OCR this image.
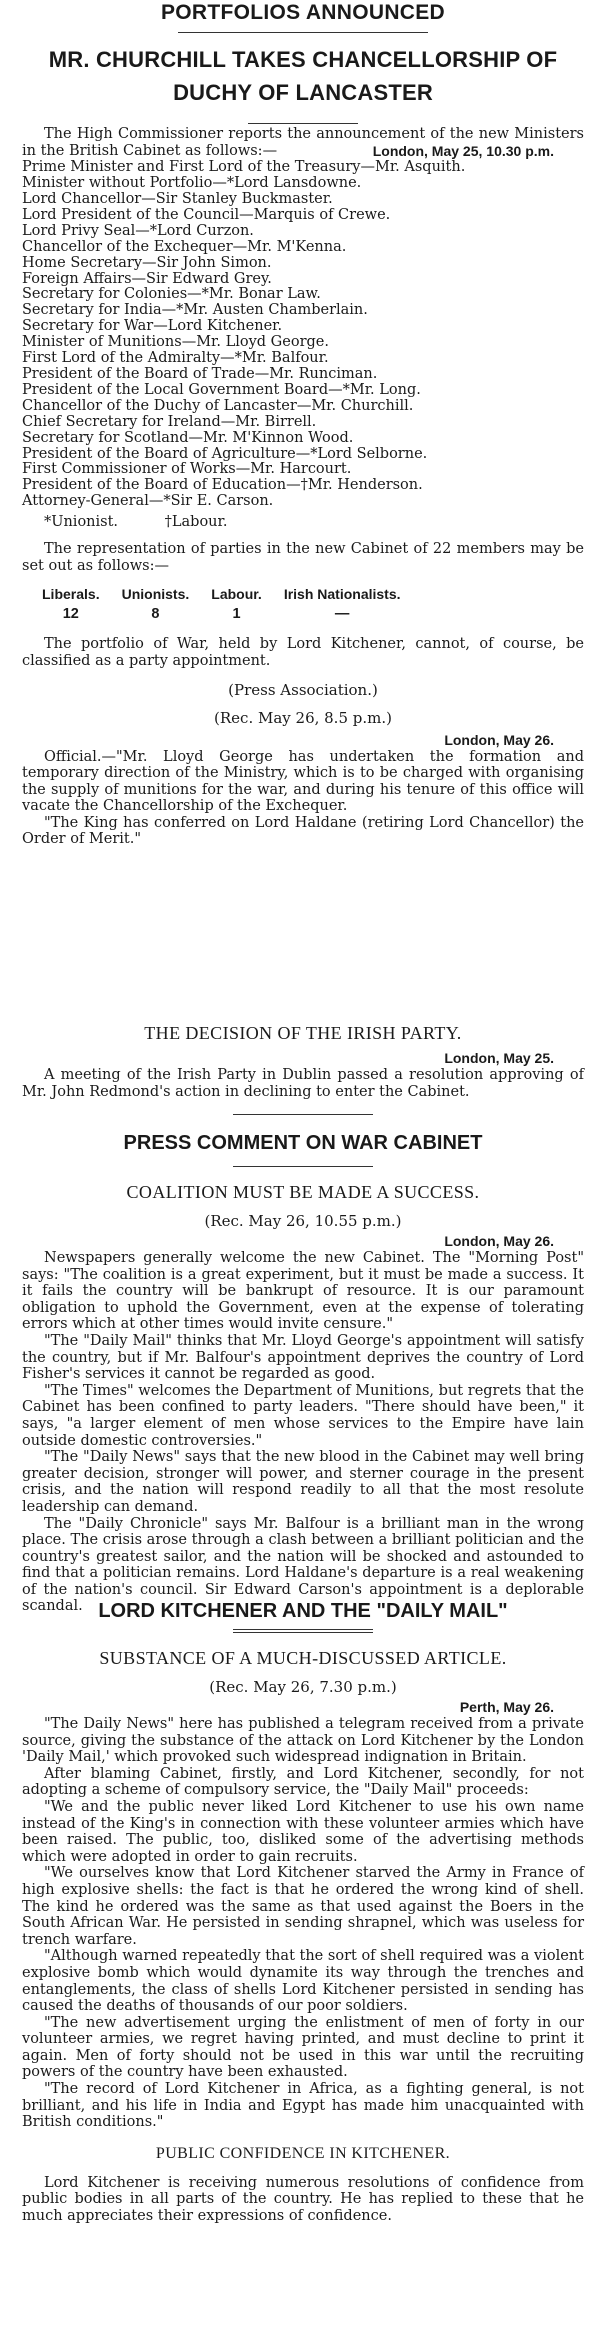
PORTFOLIOS ANNOUNCED
MR. CHURCHILL TAKES CHANCELLORSHIP OF DUCHY OF LANCASTER

The High Commissioner reports the announcement of the new Ministers in the British Cabinet as follows:—	London, May 25, 10.30 p.m.
Prime Minister and First Lord of the Treasury—Mr. Asquith.
Minister without Portfolio—*Lord Lansdowne.
Lord Chancellor—Sir Stanley Buckmaster.
Lord President of the Council—Marquis of Crewe.
Lord Privy Seal—*Lord Curzon.
Chancellor of the Exchequer—Mr. M'Kenna.
Home Secretary—Sir John Simon.
Foreign Affairs—Sir Edward Grey.
Secretary for Colonies—*Mr. Bonar Law.
Secretary for India—*Mr. Austen Chamberlain.
Secretary for War—Lord Kitchener.
Minister of Munitions—Mr. Lloyd George.
First Lord of the Admiralty—*Mr. Balfour.
President of the Board of Trade—Mr. Runciman.
President of the Local Government Board—*Mr. Long.
Chancellor of the Duchy of Lancaster—Mr. Churchill.
Chief Secretary for Ireland—Mr. Birrell.
Secretary for Scotland—Mr. M'Kinnon Wood.
President of the Board of Agriculture—*Lord Selborne.
First Commissioner of Works—Mr. Harcourt.
President of the Board of Education—†Mr. Henderson.
Attorney-General—*Sir E. Carson.
*Unionist.	†Labour.

The representation of parties in the new Cabinet of 22 members may be set out as follows:—

Liberals.	Unionists.	Labour.	Irish Nationalists.
12	8	1	—

The portfolio of War, held by Lord Kitchener, cannot, of course, be classified as a party appointment.

(Press Association.)
(Rec. May 26, 8.5 p.m.)
London, May 26.

Official.—"Mr. Lloyd George has undertaken the formation and temporary direction of the Ministry, which is to be charged with organising the supply of munitions for the war, and during his tenure of this office will vacate the Chancellorship of the Exchequer.

"The King has conferred on Lord Haldane (retiring Lord Chancellor) the Order of Merit."

THE DECISION OF THE IRISH PARTY.
London, May 25.

A meeting of the Irish Party in Dublin passed a resolution approving of Mr. John Redmond's action in declining to enter the Cabinet.

PRESS COMMENT ON WAR CABINET
COALITION MUST BE MADE A SUCCESS.
(Rec. May 26, 10.55 p.m.)
London, May 26.

Newspapers generally welcome the new Cabinet. The "Morning Post" says: "The coalition is a great experiment, but it must be made a success. It it fails the country will be bankrupt of resource. It is our paramount obligation to uphold the Government, even at the expense of tolerating errors which at other times would invite censure."

"The "Daily Mail" thinks that Mr. Lloyd George's appointment will satisfy the country, but if Mr. Balfour's appointment deprives the country of Lord Fisher's services it cannot be regarded as good.

"The Times" welcomes the Department of Munitions, but regrets that the Cabinet has been confined to party leaders. "There should have been," it says, "a larger element of men whose services to the Empire have lain outside domestic controversies."

"The "Daily News" says that the new blood in the Cabinet may well bring greater decision, stronger will power, and sterner courage in the present crisis, and the nation will respond readily to all that the most resolute leadership can demand.

The "Daily Chronicle" says Mr. Balfour is a brilliant man in the wrong place. The crisis arose through a clash between a brilliant politician and the country's greatest sailor, and the nation will be shocked and astounded to find that a politician remains. Lord Haldane's departure is a real weakening of the nation's council. Sir Edward Carson's appointment is a deplorable scandal. LORD KITCHENER AND THE "DAILY MAIL"
SUBSTANCE OF A MUCH-DISCUSSED ARTICLE.
(Rec. May 26, 7.30 p.m.)
Perth, May 26.

"The Daily News" here has published a telegram received from a private source, giving the substance of the attack on Lord Kitchener by the London 'Daily Mail,' which provoked such widespread indignation in Britain.

After blaming Cabinet, firstly, and Lord Kitchener, secondly, for not adopting a scheme of compulsory service, the "Daily Mail" proceeds:

"We and the public never liked Lord Kitchener to use his own name instead of the King's in connection with these volunteer armies which have been raised. The public, too, disliked some of the advertising methods which were adopted in order to gain recruits.

"We ourselves know that Lord Kitchener starved the Army in France of high explosive shells: the fact is that he ordered the wrong kind of shell. The kind he ordered was the same as that used against the Boers in the South African War. He persisted in sending shrapnel, which was useless for trench warfare.

"Although warned repeatedly that the sort of shell required was a violent explosive bomb which would dynamite its way through the trenches and entanglements, the class of shells Lord Kitchener persisted in sending has caused the deaths of thousands of our poor soldiers.

"The new advertisement urging the enlistment of men of forty in our volunteer armies, we regret having printed, and must decline to print it again. Men of forty should not be used in this war until the recruiting powers of the country have been exhausted.

"The record of Lord Kitchener in Africa, as a fighting general, is not brilliant, and his life in India and Egypt has made him unacquainted with British conditions."

PUBLIC CONFIDENCE IN KITCHENER.

Lord Kitchener is receiving numerous resolutions of confidence from public bodies in all parts of the country. He has replied to these that he much appreciates their expressions of confidence.
